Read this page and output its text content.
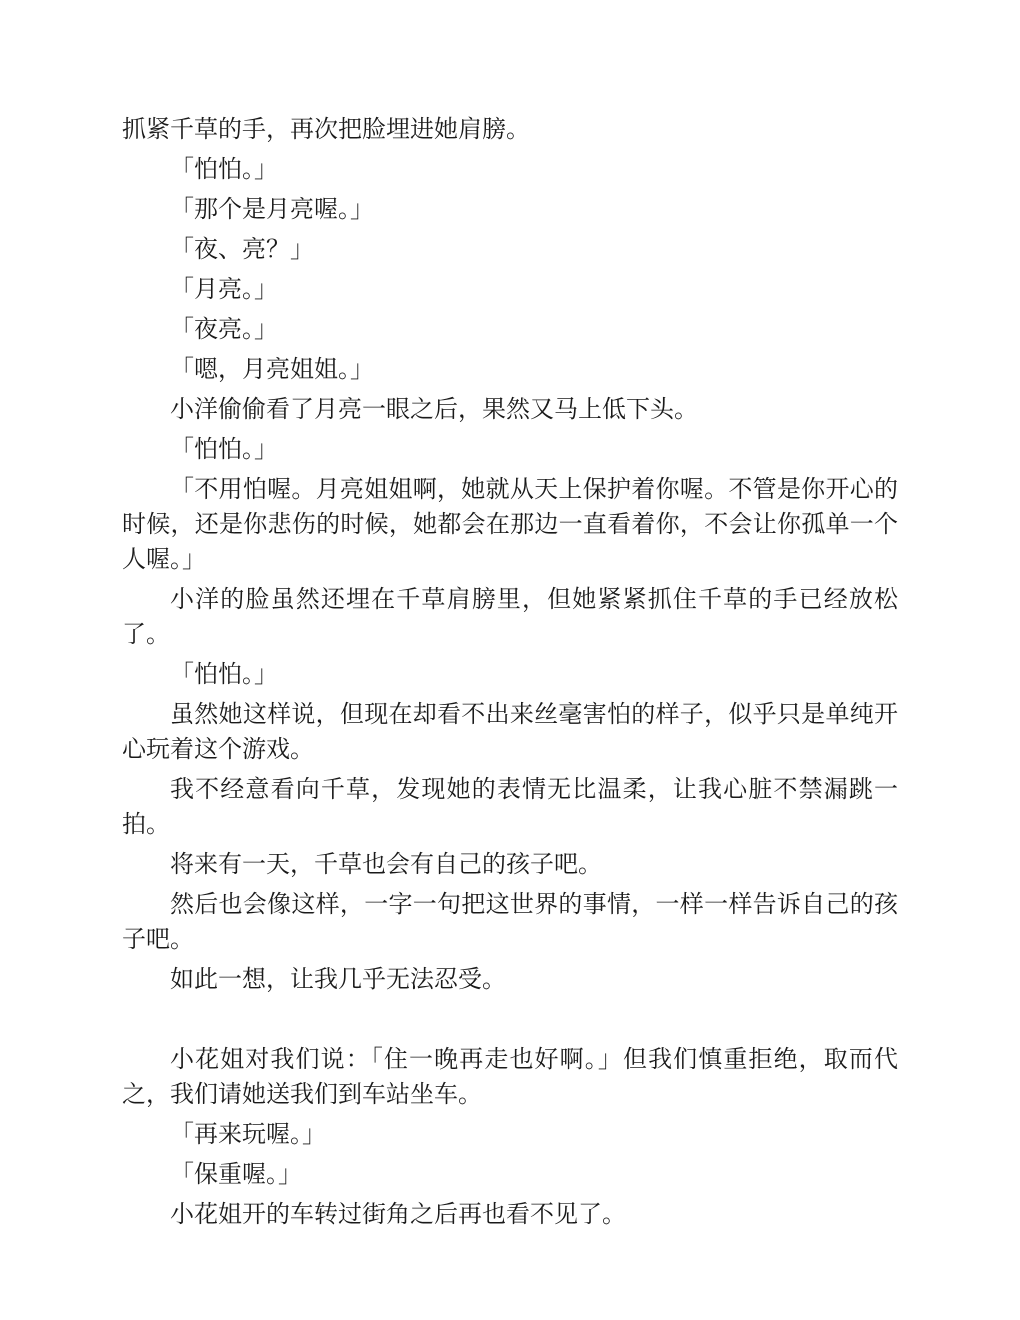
抓紧千草的手，再次把脸埋进她肩膀。

「怕怕。」

「那个是月亮喔。」

「夜、亮？」

「月亮。」

「夜亮。」

「嗯，月亮姐姐。」

小洋偷偷看了月亮一眼之后，果然又马上低下头。

「怕怕。」

「不用怕喔。月亮姐姐啊，她就从天上保护着你喔。不管是你开心的时候，还是你悲伤的时候，她都会在那边一直看着你，不会让你孤单一个人喔。」

小洋的脸虽然还埋在千草肩膀里，但她紧紧抓住千草的手已经放松了。

「怕怕。」

虽然她这样说，但现在却看不出来丝毫害怕的样子，似乎只是单纯开心玩着这个游戏。

我不经意看向千草，发现她的表情无比温柔，让我心脏不禁漏跳一拍。

将来有一天，千草也会有自己的孩子吧。

然后也会像这样，一字一句把这世界的事情，一样一样告诉自己的孩子吧。

如此一想，让我几乎无法忍受。

小花姐对我们说：「住一晚再走也好啊。」但我们慎重拒绝，取而代之，我们请她送我们到车站坐车。

「再来玩喔。」

「保重喔。」

小花姐开的车转过街角之后再也看不见了。
